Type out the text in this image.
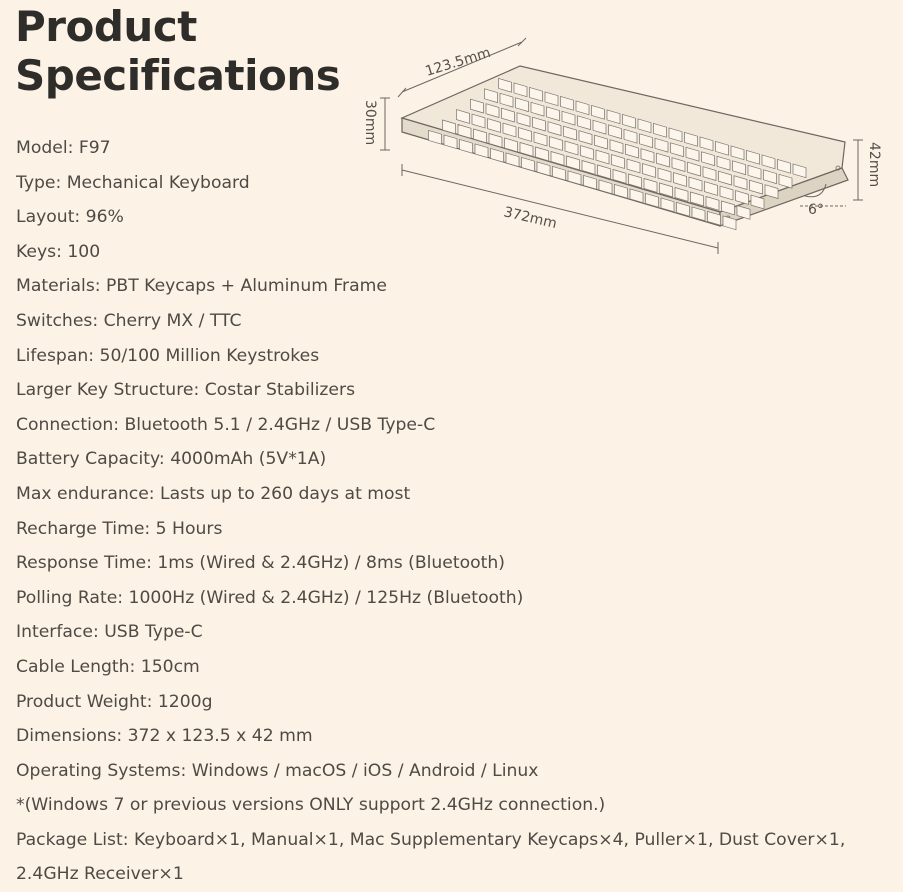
Product
Specifications
Model: F97
Type: Mechanical Keyboard
Layout: 96%
Keys: 100
Materials: PBT Keycaps + Aluminum Frame
Switches: Cherry MX / TTC
Lifespan: 50/100 Million Keystrokes
Larger Key Structure: Costar Stabilizers
Connection: Bluetooth 5.1 / 2.4GHz / USB Type-C
Battery Capacity: 4000mAh (5V*1A)
Max endurance: Lasts up to 260 days at most
Recharge Time: 5 Hours
Response Time: 1ms (Wired & 2.4GHz) / 8ms (Bluetooth)
Polling Rate: 1000Hz (Wired & 2.4GHz) / 125Hz (Bluetooth)
Interface: USB Type-C
Cable Length: 150cm
Product Weight: 1200g
Dimensions: 372 x 123.5 x 42 mm
Operating Systems: Windows / macOS / iOS / Android / Linux
*(Windows 7 or previous versions ONLY support 2.4GHz connection.)
Package List: Keyboard×1, Manual×1, Mac Supplementary Keycaps×4, Puller×1, Dust Cover×1,
2.4GHz Receiver×1
123.5mm
30mm
372mm
42mm
6°
